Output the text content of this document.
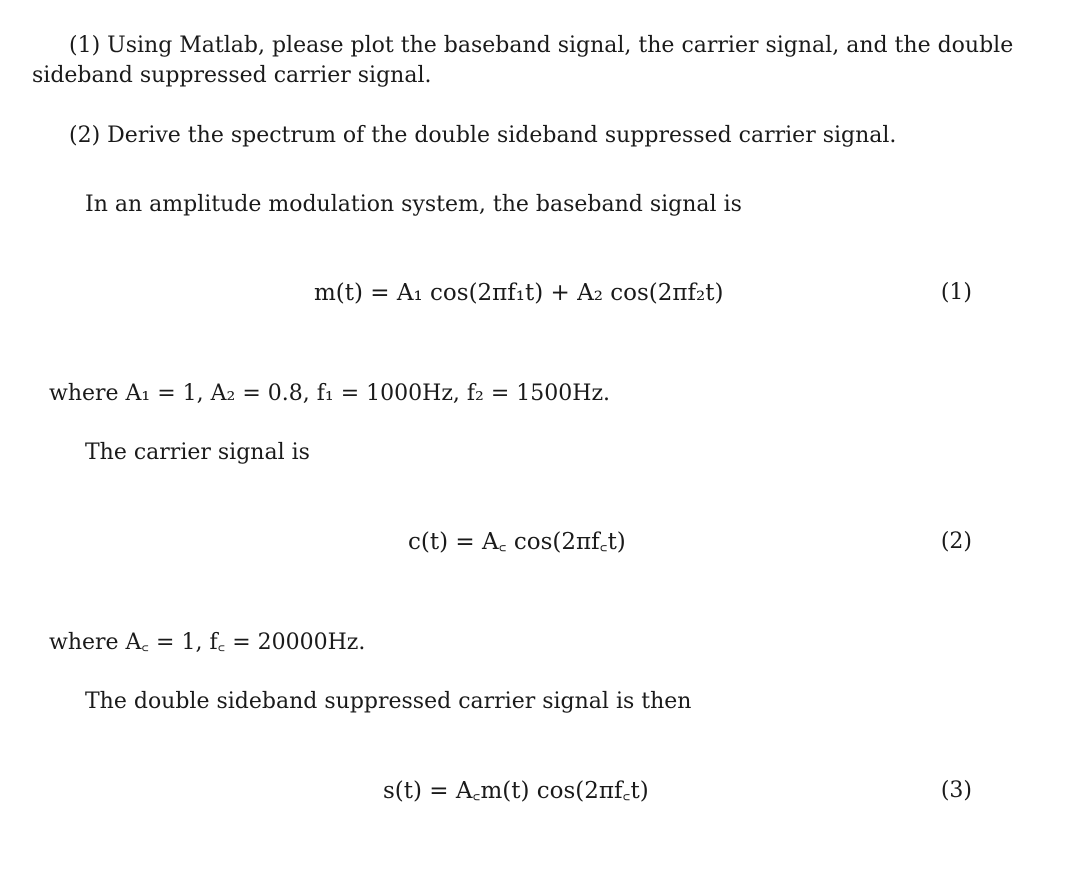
(1) Using Matlab, please plot the baseband signal, the carrier signal, and the double
sideband suppressed carrier signal.
(2) Derive the spectrum of the double sideband suppressed carrier signal.
In an amplitude modulation system, the baseband signal is
m(t) = A₁ cos(2πf₁t) + A₂ cos(2πf₂t)	(1)
where A₁ = 1, A₂ = 0.8, f₁ = 1000Hz, f₂ = 1500Hz.
The carrier signal is
c(t) = A꜀ cos(2πf꜀t)	(2)
where A꜀ = 1, f꜀ = 20000Hz.
The double sideband suppressed carrier signal is then
s(t) = A꜀m(t) cos(2πf꜀t)	(3)
